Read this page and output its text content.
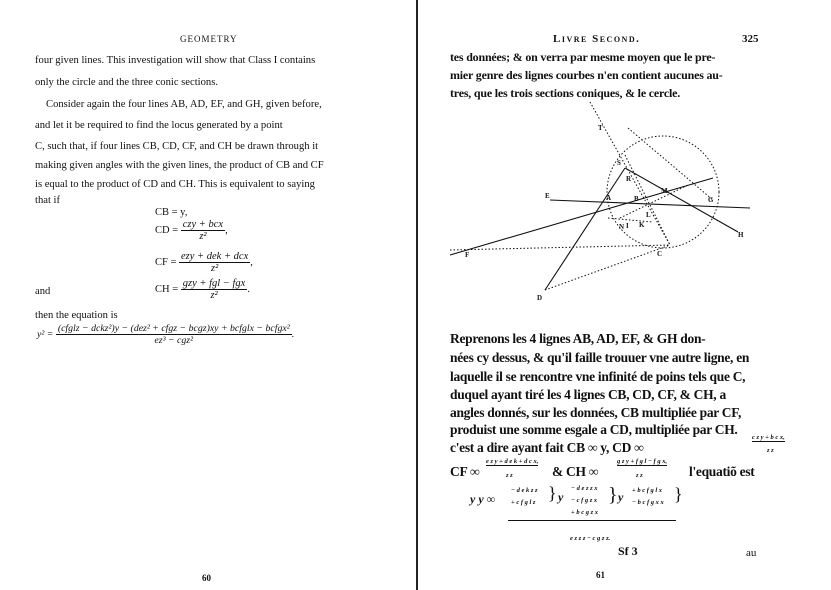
GEOMETRY
four given lines. This investigation will show that Class I contains
only the circle and the three conic sections.
Consider again the four lines AB, AD, EF, and GH, given before,
and let it be required to find the locus generated by a point
C, such that, if four lines CB, CD, CF, and CH be drawn through it
making given angles with the given lines, the product of CB and CF
is equal to the product of CD and CH. This is equivalent to saying
that if
CB = y,
CD = $\frac{\text{czy + bcx}}{\text{z²}}$ ,
CF = $\frac{\text{ezy + dek + dcx}}{\text{z²}}$ ,
and	CH = $\frac{\text{gzy + fgl − fgx}}{\text{z²}}$ .
then the equation is
$y^2 = \frac{\text{(cfglz − dckz²)y − (dez² + cfgz − bcgz)xy + bcfglx − bcfgx²}}{\text{ez³ − cgz²}}$ .
60
Livre Second.	325
tes données; & on verra par mesme moyen que le pre-
mier genre des lignes courbes n'en contient aucunes au-
tres, que les trois sections coniques, & le cercle.
T
S
R
E	A	B
M
G
L
N I K
H
F	C
D
Reprenons les 4 lignes AB, AD, EF, & GH don-
nées cy dessus, & qu'il faille trouuer vne autre ligne, en
laquelle il se rencontre vne infinité de poins tels que C,
duquel ayant tiré les 4 lignes CB, CD, CF, & CH, a
angles donnés, sur les données, CB multipliée par CF,
produist une somme esgale a CD, multipliée par CH.
c'est a dire ayant fait CB ∞ y, CD ∞
c z y + b c x,
z z
CF ∞
e z y + d e k + d c x,
z z	& CH ∞
g z y + f g l − f g x,
z z	l'equatiõ est
y y ∞
− d e k z z
+ c f g l z } y
− d e z z x
− c f g z x
+ b c g z x
} y + b c f g l x
− b c f g x x }
e z z z − c g z z.
Sf 3	au
61
